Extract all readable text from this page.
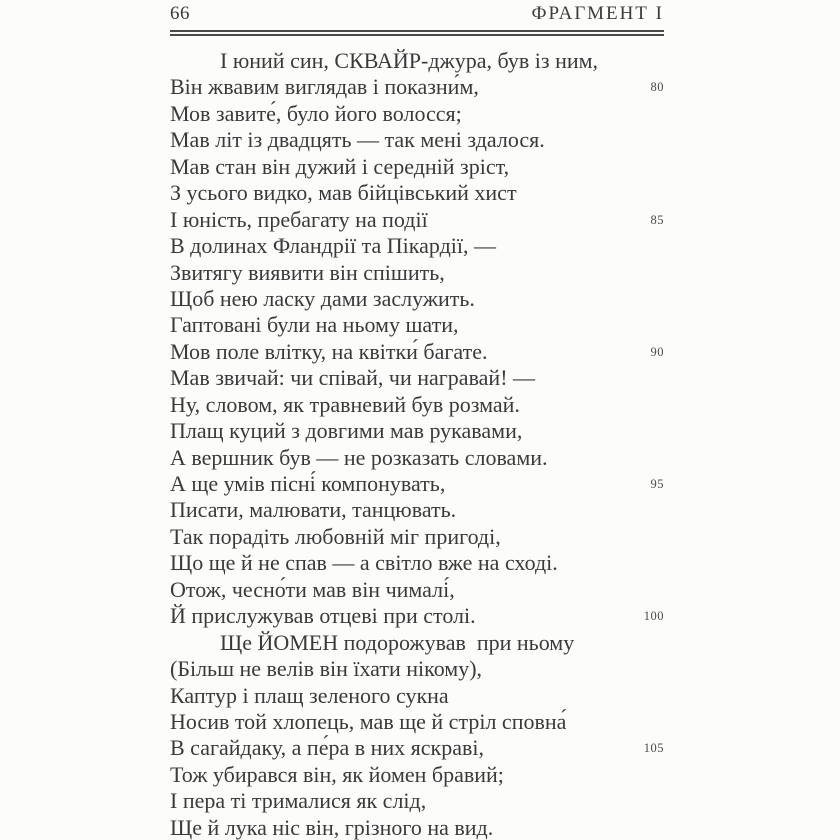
66	ФРАГМЕНТ І
І юний син, СКВАЙР-джура, був із ним,
Він жвавим виглядав і показни́м,	80
Мов завите́, було його волосся;
Мав літ із двадцять — так мені здалося.
Мав стан він дужий і середній зріст,
З усього видко, мав бійцівський хист
І юність, пребагату на події	85
В долинах Фландрії та Пікардії, —
Звитягу виявити він спішить,
Щоб нею ласку дами заслужить.
Гаптовані були на ньому шати,
Мов поле влітку, на квітки́ багате.	90
Мав звичай: чи співай, чи награвай! —
Ну, словом, як травневий був розмай.
Плащ куций з довгими мав рукавами,
А вершник був — не розказать словами.
А ще умів пісні́ компонувать,	95
Писати, малювати, танцювать.
Так порадіть любовній міг пригоді,
Що ще й не спав — а світло вже на сході.
Отож, чесно́ти мав він чималі́,
Й прислужував отцеві при столі.	100
Ще ЙОМЕН подорожував  при ньому
(Більш не велів він їхати нікому),
Каптур і плащ зеленого сукна
Носив той хлопець, мав ще й стріл сповна́
В сагайдаку, а пе́ра в них яскраві,	105
Тож убирався він, як йомен бравий;
І пера ті трималися як слід,
Ще й лука ніс він, грізного на вид.
